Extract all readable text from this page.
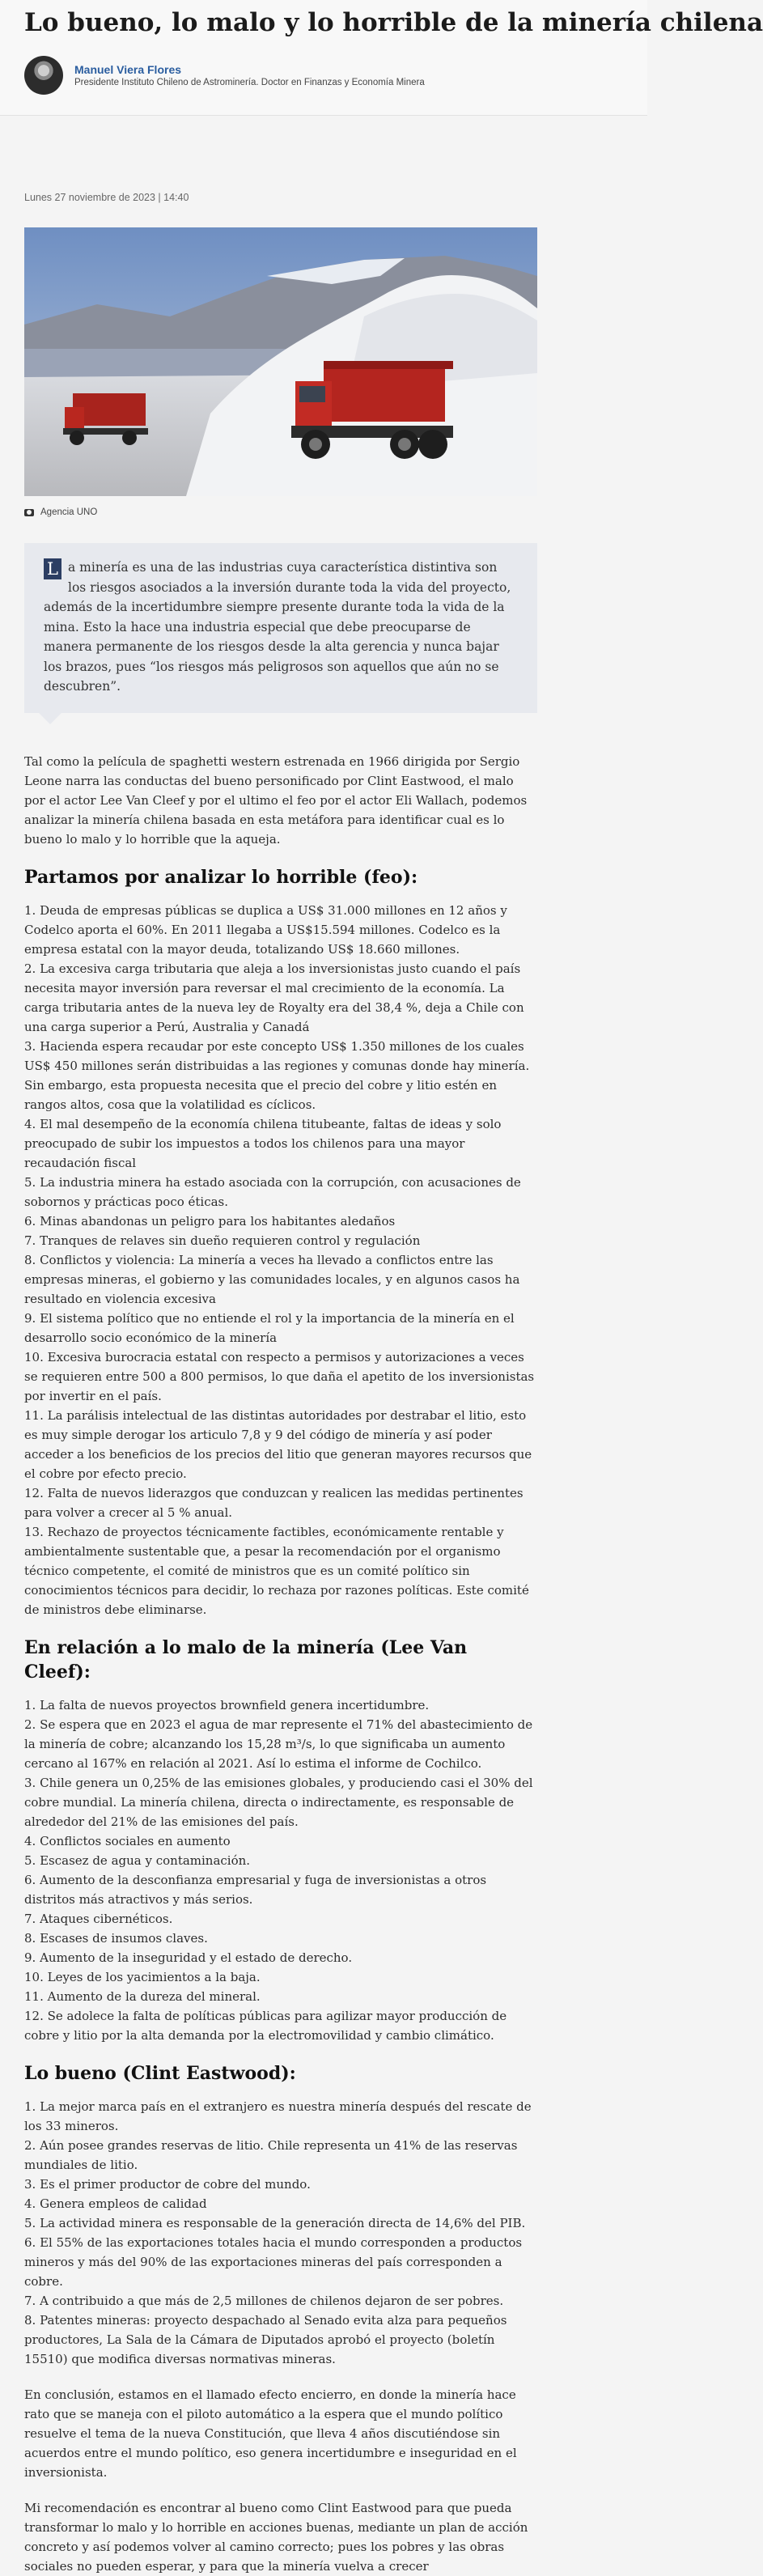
Lo bueno, lo malo y lo horrible de la minería chilena
Manuel Viera Flores
Presidente Instituto Chileno de Astrominería. Doctor en Finanzas y Economía Minera
Lunes 27 noviembre de 2023 | 14:40
Agencia UNO
L a minería es una de las industrias cuya característica distintiva son los riesgos asociados a la inversión durante toda la vida del proyecto, además de la incertidumbre siempre presente durante toda la vida de la mina. Esto la hace una industria especial que debe preocuparse de manera permanente de los riesgos desde la alta gerencia y nunca bajar los brazos, pues “los riesgos más peligrosos son aquellos que aún no se descubren”.

Tal como la película de spaghetti western estrenada en 1966 dirigida por Sergio Leone narra las conductas del bueno personificado por Clint Eastwood, el malo por el actor Lee Van Cleef y por el ultimo el feo por el actor Eli Wallach, podemos analizar la minería chilena basada en esta metáfora para identificar cual es lo bueno lo malo y lo horrible que la aqueja.

Partamos por analizar lo horrible (feo):

1. Deuda de empresas públicas se duplica a US$ 31.000 millones en 12 años y Codelco aporta el 60%. En 2011 llegaba a US$15.594 millones. Codelco es la empresa estatal con la mayor deuda, totalizando US$ 18.660 millones.

2. La excesiva carga tributaria que aleja a los inversionistas justo cuando el país necesita mayor inversión para reversar el mal crecimiento de la economía. La carga tributaria antes de la nueva ley de Royalty era del 38,4 %, deja a Chile con una carga superior a Perú, Australia y Canadá

3. Hacienda espera recaudar por este concepto US$ 1.350 millones de los cuales US$ 450 millones serán distribuidas a las regiones y comunas donde hay minería. Sin embargo, esta propuesta necesita que el precio del cobre y litio estén en rangos altos, cosa que la volatilidad es cíclicos.

4. El mal desempeño de la economía chilena titubeante, faltas de ideas y solo preocupado de subir los impuestos a todos los chilenos para una mayor recaudación fiscal

5. La industria minera ha estado asociada con la corrupción, con acusaciones de sobornos y prácticas poco éticas.

6. Minas abandonas un peligro para los habitantes aledaños

7. Tranques de relaves sin dueño requieren control y regulación

8. Conflictos y violencia: La minería a veces ha llevado a conflictos entre las empresas mineras, el gobierno y las comunidades locales, y en algunos casos ha resultado en violencia excesiva

9. El sistema político que no entiende el rol y la importancia de la minería en el desarrollo socio económico de la minería

10. Excesiva burocracia estatal con respecto a permisos y autorizaciones a veces se requieren entre 500 a 800 permisos, lo que daña el apetito de los inversionistas por invertir en el país.

11. La parálisis intelectual de las distintas autoridades por destrabar el litio, esto es muy simple derogar los articulo 7,8 y 9 del código de minería y así poder acceder a los beneficios de los precios del litio que generan mayores recursos que el cobre por efecto precio.

12. Falta de nuevos liderazgos que conduzcan y realicen las medidas pertinentes para volver a crecer al 5 % anual.

13. Rechazo de proyectos técnicamente factibles, económicamente rentable y ambientalmente sustentable que, a pesar la recomendación por el organismo técnico competente, el comité de ministros que es un comité político sin conocimientos técnicos para decidir, lo rechaza por razones políticas. Este comité de ministros debe eliminarse.

En relación a lo malo de la minería (Lee Van Cleef):

1. La falta de nuevos proyectos brownfield genera incertidumbre.

2. Se espera que en 2023 el agua de mar represente el 71% del abastecimiento de la minería de cobre; alcanzando los 15,28 m³/s, lo que significaba un aumento cercano al 167% en relación al 2021. Así lo estima el informe de Cochilco.

3. Chile genera un 0,25% de las emisiones globales, y produciendo casi el 30% del cobre mundial. La minería chilena, directa o indirectamente, es responsable de alrededor del 21% de las emisiones del país.

4. Conflictos sociales en aumento

5. Escasez de agua y contaminación.

6. Aumento de la desconfianza empresarial y fuga de inversionistas a otros distritos más atractivos y más serios.

7. Ataques cibernéticos.

8. Escases de insumos claves.

9. Aumento de la inseguridad y el estado de derecho.

10. Leyes de los yacimientos a la baja.

11. Aumento de la dureza del mineral.

12. Se adolece la falta de políticas públicas para agilizar mayor producción de cobre y litio por la alta demanda por la electromovilidad y cambio climático.

Lo bueno (Clint Eastwood):

1. La mejor marca país en el extranjero es nuestra minería después del rescate de los 33 mineros.

2. Aún posee grandes reservas de litio. Chile representa un 41% de las reservas mundiales de litio.

3. Es el primer productor de cobre del mundo.

4. Genera empleos de calidad

5. La actividad minera es responsable de la generación directa de 14,6% del PIB.

6. El 55% de las exportaciones totales hacia el mundo corresponden a productos mineros y más del 90% de las exportaciones mineras del país corresponden a cobre.

7. A contribuido a que más de 2,5 millones de chilenos dejaron de ser pobres.

8. Patentes mineras: proyecto despachado al Senado evita alza para pequeños productores, La Sala de la Cámara de Diputados aprobó el proyecto (boletín 15510) que modifica diversas normativas mineras.

En conclusión, estamos en el llamado efecto encierro, en donde la minería hace rato que se maneja con el piloto automático a la espera que el mundo político resuelve el tema de la nueva Constitución, que lleva 4 años discutiéndose sin acuerdos entre el mundo político, eso genera incertidumbre e inseguridad en el inversionista.

Mi recomendación es encontrar al bueno como Clint Eastwood para que pueda transformar lo malo y lo horrible en acciones buenas, mediante un plan de acción concreto y así podemos volver al camino correcto; pues los pobres y las obras sociales no pueden esperar, y para que la minería vuelva a crecer
